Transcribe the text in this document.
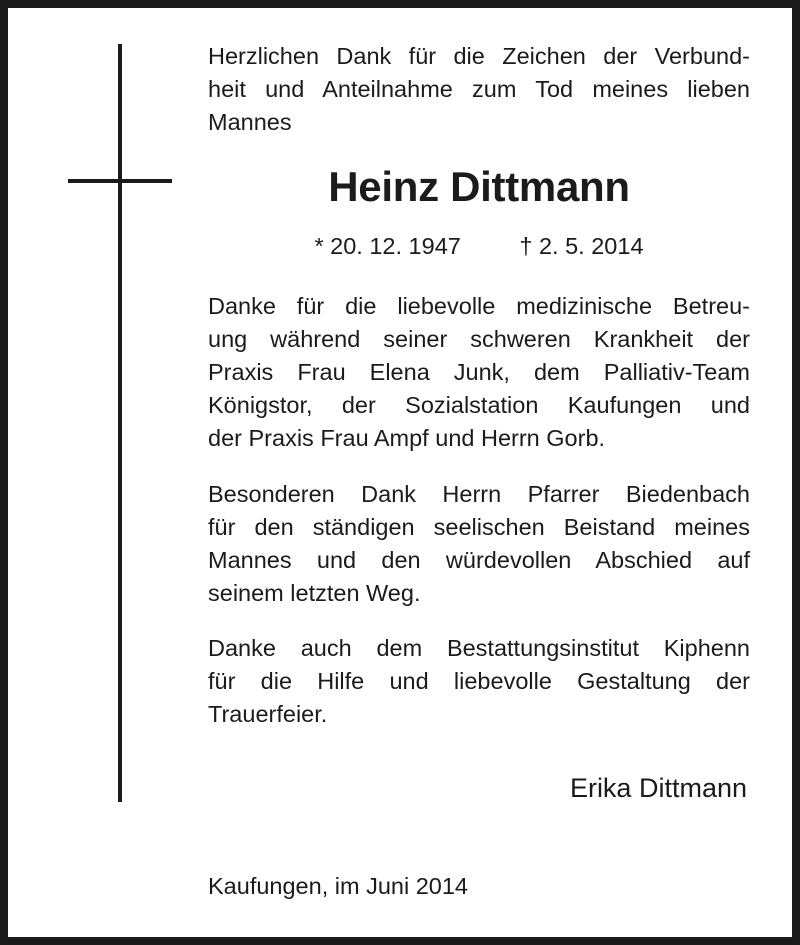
Herzlichen Dank für die Zeichen der Verbund-
heit und Anteilnahme zum Tod meines lieben
Mannes

Heinz Dittmann
* 20. 12. 1947 † 2. 5. 2014

Danke für die liebevolle medizinische Betreu-
ung während seiner schweren Krankheit der
Praxis Frau Elena Junk, dem Palliativ-Team
Königstor, der Sozialstation Kaufungen und
der Praxis Frau Ampf und Herrn Gorb.

Besonderen Dank Herrn Pfarrer Biedenbach
für den ständigen seelischen Beistand meines
Mannes und den würdevollen Abschied auf
seinem letzten Weg.

Danke auch dem Bestattungsinstitut Kiphenn
für die Hilfe und liebevolle Gestaltung der
Trauerfeier.

Erika Dittmann

Kaufungen, im Juni 2014
